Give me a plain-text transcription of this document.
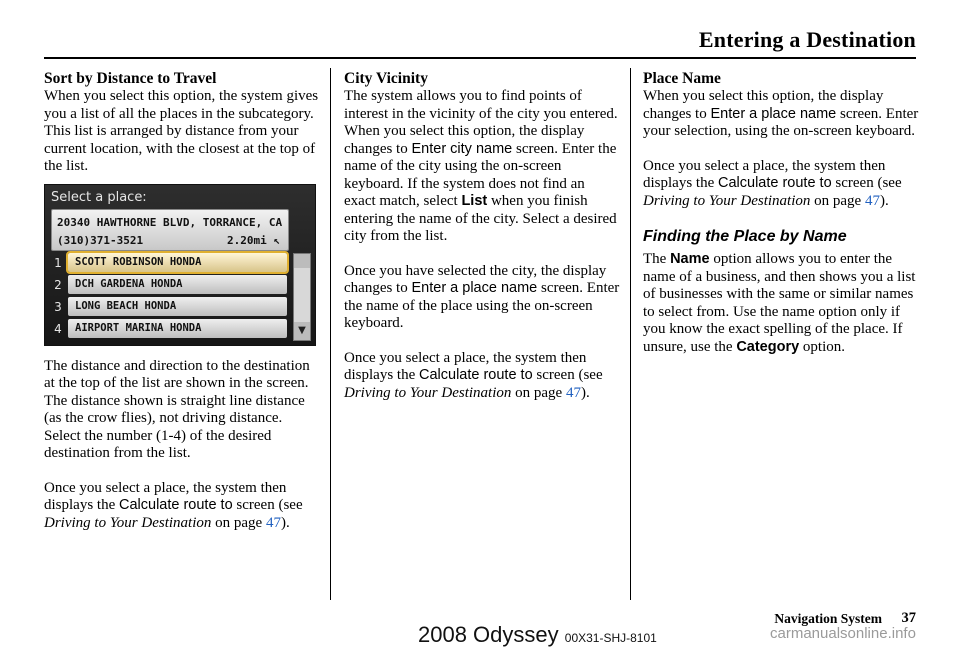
Entering a Destination
Sort by Distance to Travel

When you select this option, the system gives you a list of all the places in the subcategory. This list is arranged by distance from your current location, with the closest at the top of the list.

Select a place:
20340 HAWTHORNE BLVD, TORRANCE, CA
(310)371-3521	2.20mi ↖
1	SCOTT ROBINSON HONDA
2	DCH GARDENA HONDA
3	LONG BEACH HONDA
4	AIRPORT MARINA HONDA	▼

The distance and direction to the destination at the top of the list are shown in the screen. The distance shown is straight line distance (as the crow flies), not driving distance. Select the number (1-4) of the desired destination from the list.

Once you select a place, the system then displays the Calculate route to screen (see Driving to Your Destination on page 47).

City Vicinity

The system allows you to find points of interest in the vicinity of the city you entered. When you select this option, the display changes to Enter city name screen. Enter the name of the city using the on-screen keyboard. If the system does not find an exact match, select List when you finish entering the name of the city. Select a desired city from the list.

Once you have selected the city, the display changes to Enter a place name screen. Enter the name of the place using the on-screen keyboard.

Once you select a place, the system then displays the Calculate route to screen (see Driving to Your Destination on page 47).

Place Name

When you select this option, the display changes to Enter a place name screen. Enter your selection, using the on-screen keyboard.

Once you select a place, the system then displays the Calculate route to screen (see Driving to Your Destination on page 47).

Finding the Place by Name

The Name option allows you to enter the name of a business, and then shows you a list of businesses with the same or similar names to select from. Use the name option only if you know the exact spelling of the place. If unsure, use the Category option.

Navigation System 37
2008 Odyssey 00X31-SHJ-8101	carmanualsonline.info
